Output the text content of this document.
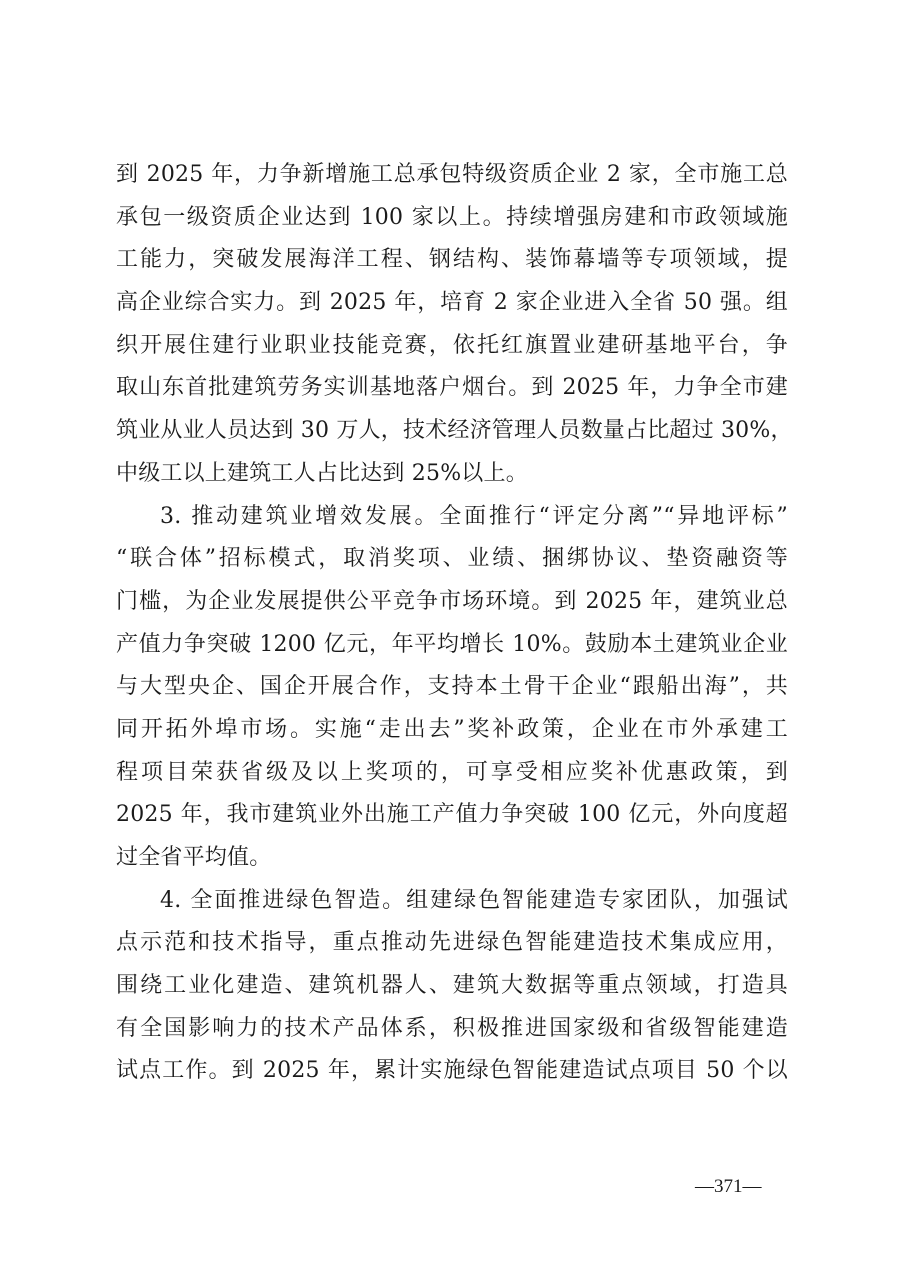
到 2025 年，力争新增施工总承包特级资质企业 2 家，全市施工总
承包一级资质企业达到 100 家以上。持续增强房建和市政领域施
工能力，突破发展海洋工程、钢结构、装饰幕墙等专项领域，提
高企业综合实力。到 2025 年，培育 2 家企业进入全省 50 强。组
织开展住建行业职业技能竞赛，依托红旗置业建研基地平台，争
取山东首批建筑劳务实训基地落户烟台。到 2025 年，力争全市建
筑业从业人员达到 30 万人，技术经济管理人员数量占比超过 30%，
中级工以上建筑工人占比达到 25%以上。
3. 推动建筑业增效发展。全面推行“评定分离”“异地评标”
“联合体”招标模式，取消奖项、业绩、捆绑协议、垫资融资等
门槛，为企业发展提供公平竞争市场环境。到 2025 年，建筑业总
产值力争突破 1200 亿元，年平均增长 10%。鼓励本土建筑业企业
与大型央企、国企开展合作，支持本土骨干企业“跟船出海”，共
同开拓外埠市场。实施“走出去”奖补政策，企业在市外承建工
程项目荣获省级及以上奖项的，可享受相应奖补优惠政策，到
2025 年，我市建筑业外出施工产值力争突破 100 亿元，外向度超
过全省平均值。
4. 全面推进绿色智造。组建绿色智能建造专家团队，加强试
点示范和技术指导，重点推动先进绿色智能建造技术集成应用，
围绕工业化建造、建筑机器人、建筑大数据等重点领域，打造具
有全国影响力的技术产品体系，积极推进国家级和省级智能建造
试点工作。到 2025 年，累计实施绿色智能建造试点项目 50 个以
—371—
